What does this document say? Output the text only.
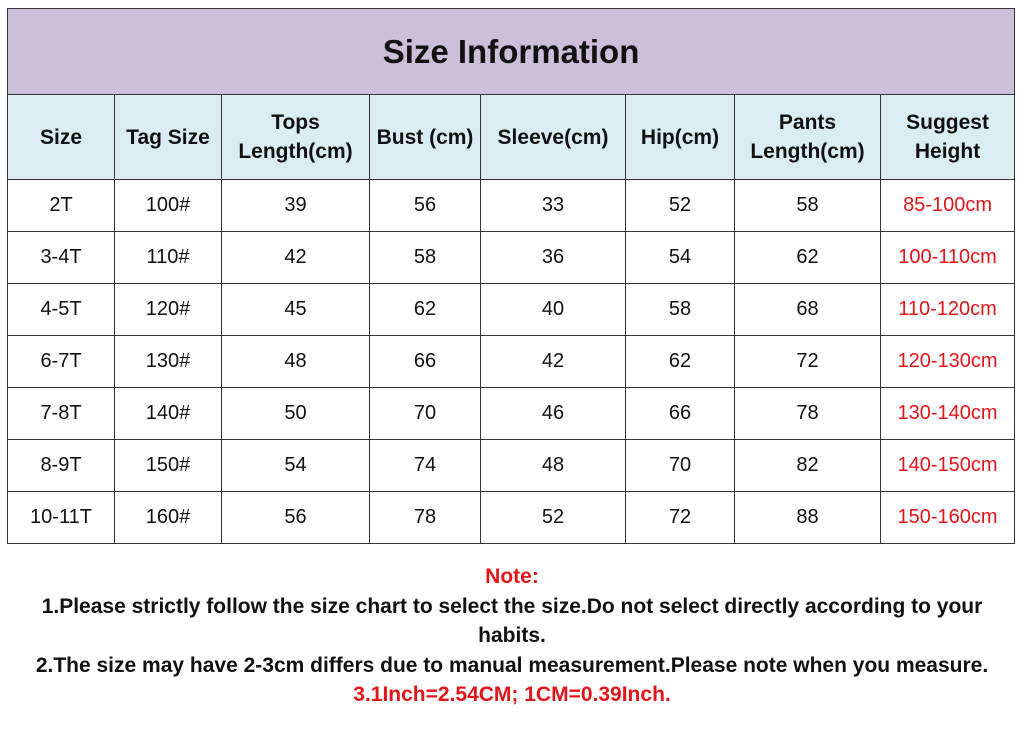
Size Information							
Size	Tag Size	Tops Length(cm)	Bust (cm)	Sleeve(cm)	Hip(cm)	Pants Length(cm)	Suggest Height
2T	100#	39	56	33	52	58	85-100cm
3-4T	110#	42	58	36	54	62	100-110cm
4-5T	120#	45	62	40	58	68	110-120cm
6-7T	130#	48	66	42	62	72	120-130cm
7-8T	140#	50	70	46	66	78	130-140cm
8-9T	150#	54	74	48	70	82	140-150cm
10-11T	160#	56	78	52	72	88	150-160cm
Note:
1.Please strictly follow the size chart to select the size.Do not select directly according to your habits.
2.The size may have 2-3cm differs due to manual measurement.Please note when you measure.
3.1Inch=2.54CM; 1CM=0.39Inch.
